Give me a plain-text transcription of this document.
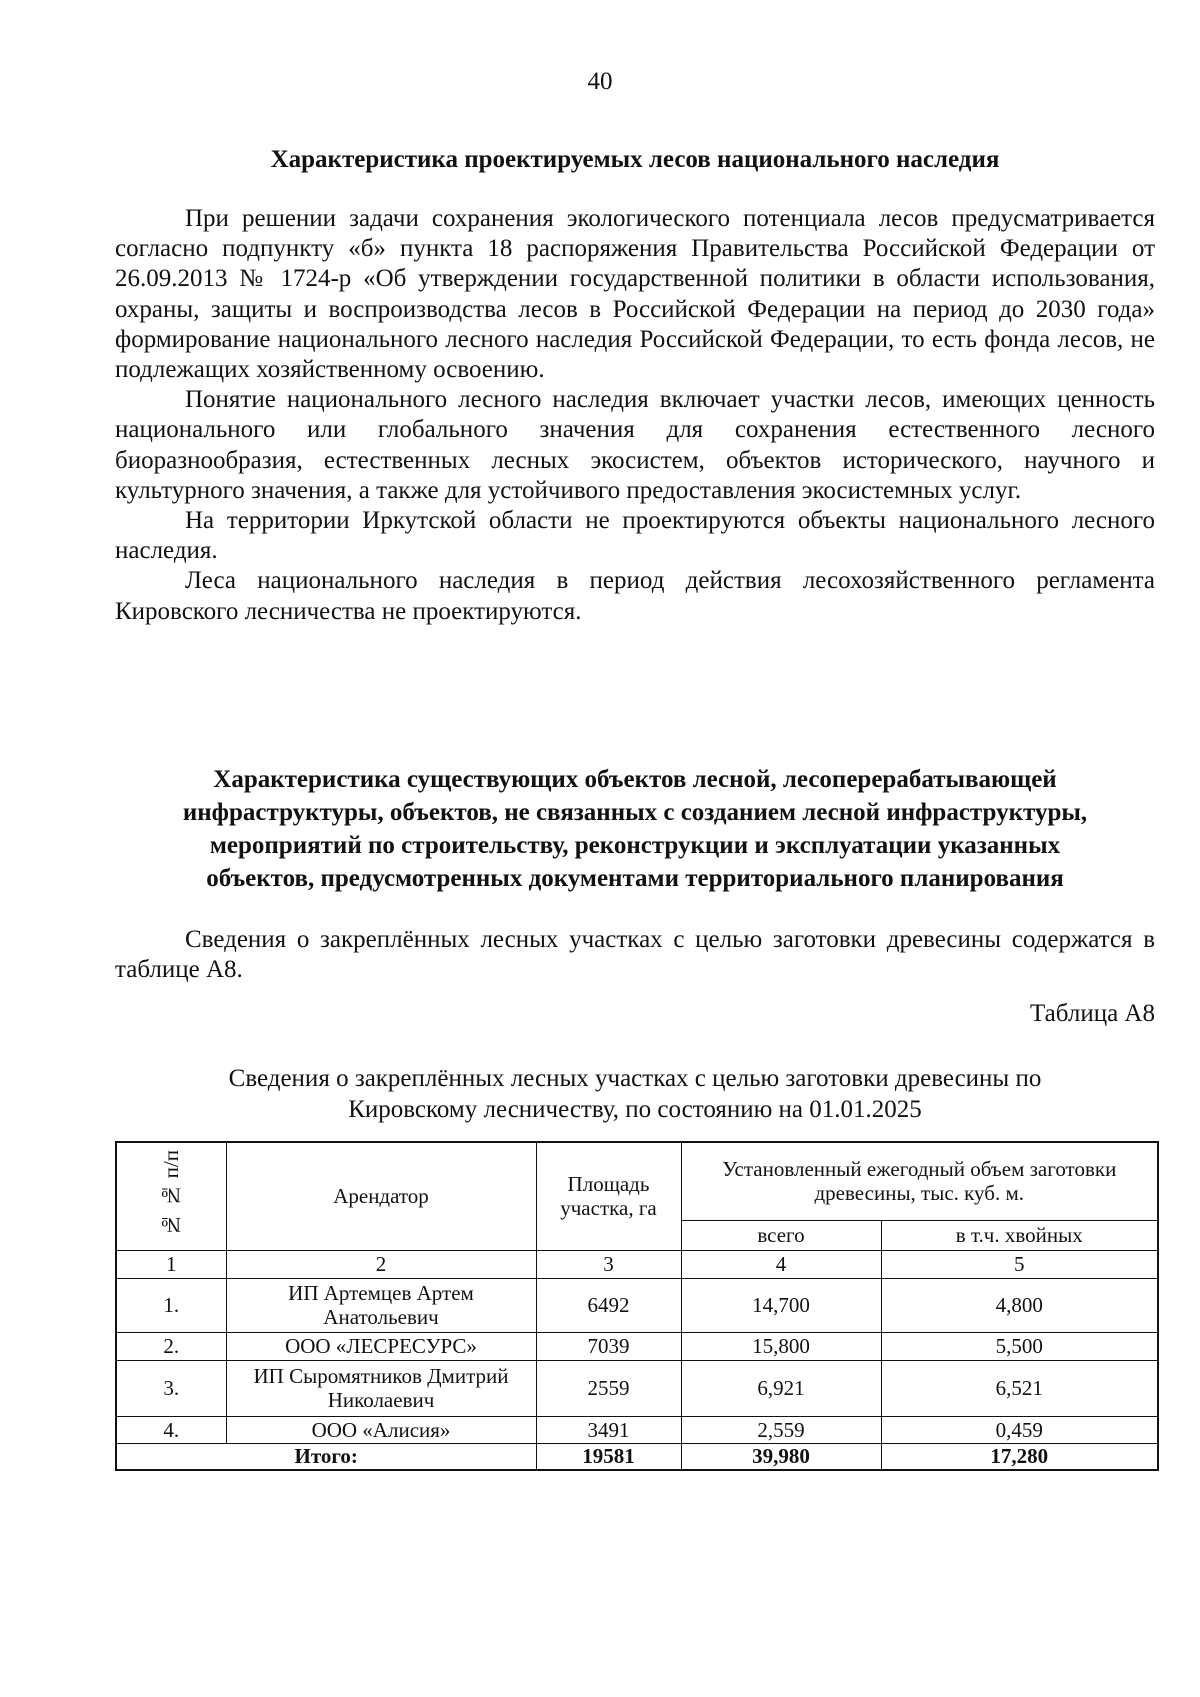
40
Характеристика проектируемых лесов национального наследия

При решении задачи сохранения экологического потенциала лесов предусматривается согласно подпункту «б» пункта 18 распоряжения Правительства Российской Федерации от 26.09.2013 № 1724-р «Об утверждении государственной политики в области использования, охраны, защиты и воспроизводства лесов в Российской Федерации на период до 2030 года» формирование национального лесного наследия Российской Федерации, то есть фонда лесов, не подлежащих хозяйственному освоению.

Понятие национального лесного наследия включает участки лесов, имеющих ценность национального или глобального значения для сохранения естественного лесного биоразнообразия, естественных лесных экосистем, объектов исторического, научного и культурного значения, а также для устойчивого предоставления экосистемных услуг.

На территории Иркутской области не проектируются объекты национального лесного наследия.

Леса национального наследия в период действия лесохозяйственного регламента Кировского лесничества не проектируются.

Характеристика существующих объектов лесной, лесоперерабатывающей
инфраструктуры, объектов, не связанных с созданием лесной инфраструктуры,
мероприятий по строительству, реконструкции и эксплуатации указанных
объектов, предусмотренных документами территориального планирования

Сведения о закреплённых лесных участках с целью заготовки древесины содержатся в таблице А8.

Таблица А8
Сведения о закреплённых лесных участках с целью заготовки древесины по
Кировскому лесничеству, по состоянию на 01.01.2025
№ № п/п	Арендатор	Площадь участка, га	Установленный ежегодный объем заготовки древесины, тыс. куб. м.	
			всего	в т.ч. хвойных
1	2	3	4	5
1.	ИП Артемцев Артем Анатольевич	6492	14,700	4,800
2.	ООО «ЛЕСРЕСУРС»	7039	15,800	5,500
3.	ИП Сыромятников Дмитрий Николаевич	2559	6,921	6,521
4.	ООО «Алисия»	3491	2,559	0,459
Итого:		19581	39,980	17,280
